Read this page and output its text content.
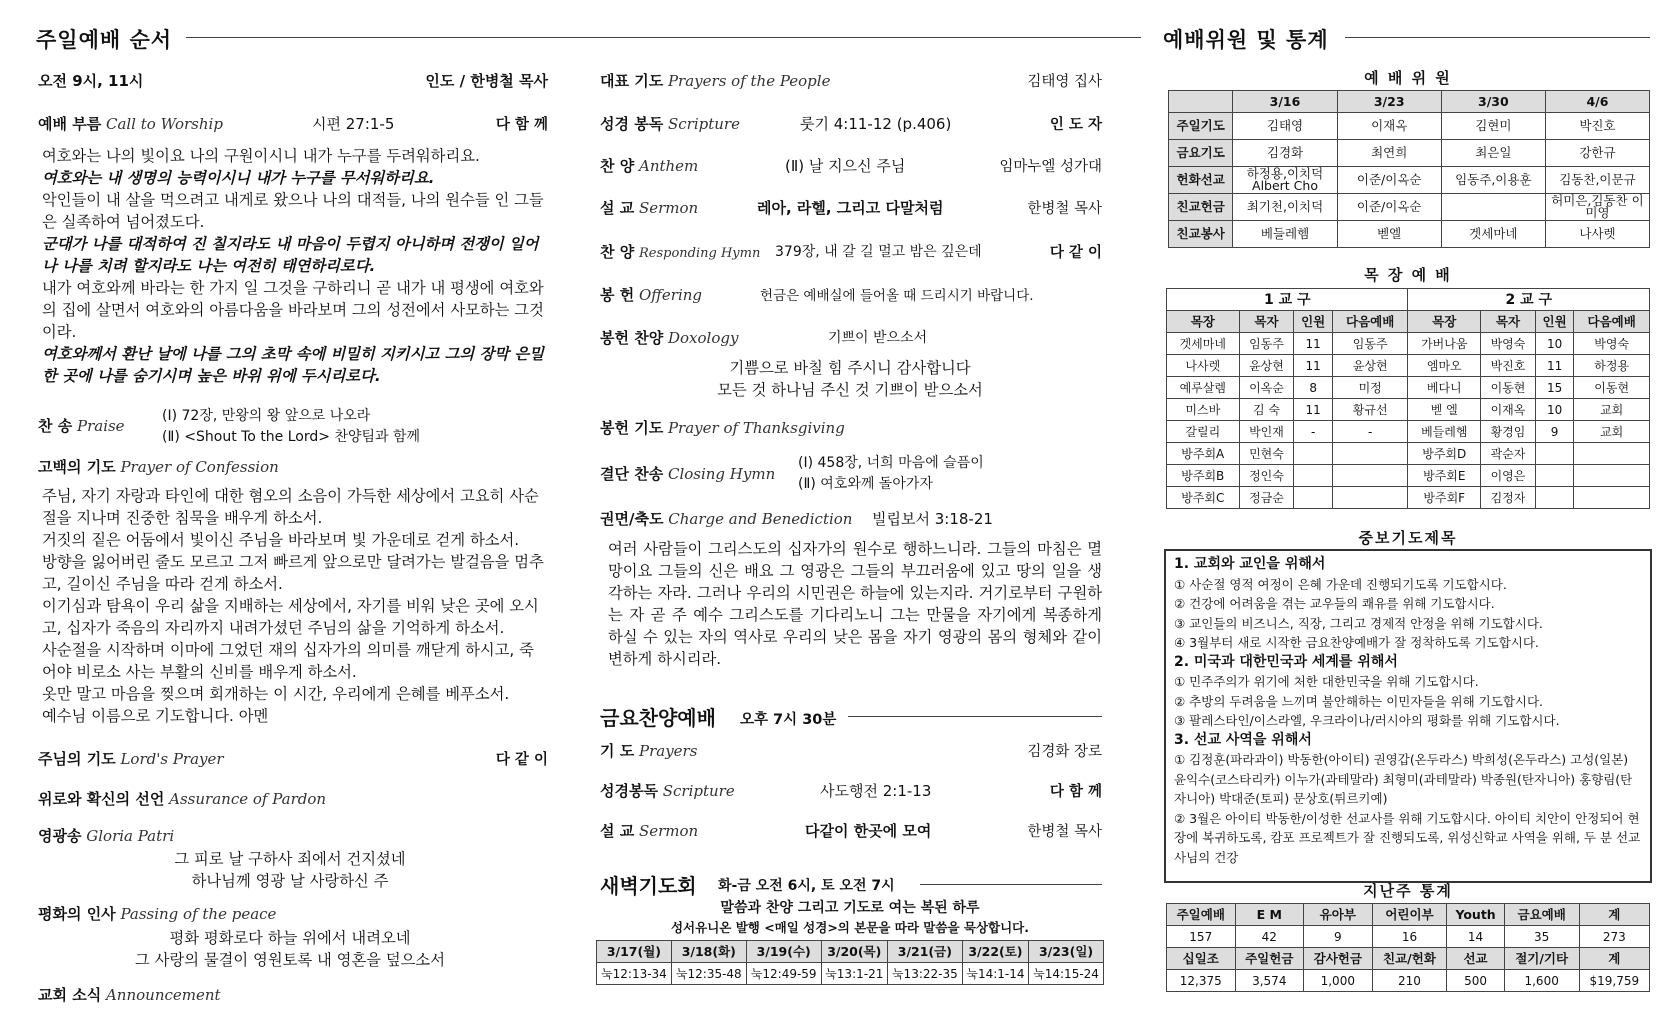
주일예배 순서
오전 9시, 11시	인도 / 한병철 목사
예배 부름 Call to Worship	시편 27:1-5	다 함 께

여호와는 나의 빛이요 나의 구원이시니 내가 누구를 두려워하리요.

여호와는 내 생명의 능력이시니 내가 누구를 무서워하리요.

악인들이 내 살을 먹으려고 내게로 왔으나 나의 대적들, 나의 원수들 인 그들은 실족하여 넘어졌도다.

군대가 나를 대적하여 진 칠지라도 내 마음이 두렵지 아니하며 전쟁이 일어나 나를 치려 할지라도 나는 여전히 태연하리로다.

내가 여호와께 바라는 한 가지 일 그것을 구하리니 곧 내가 내 평생에 여호와의 집에 살면서 여호와의 아름다움을 바라보며 그의 성전에서 사모하는 그것이라.

여호와께서 환난 날에 나를 그의 초막 속에 비밀히 지키시고 그의 장막 은밀한 곳에 나를 숨기시며 높은 바위 위에 두시리로다.

찬 송 Praise
(Ⅰ) 72장, 만왕의 왕 앞으로 나오라
(Ⅱ) <Shout To the Lord> 찬양팀과 함께
고백의 기도 Prayer of Confession

주님, 자기 자랑과 타인에 대한 혐오의 소음이 가득한 세상에서 고요히 사순절을 지나며 진중한 침묵을 배우게 하소서.

거짓의 짙은 어둠에서 빛이신 주님을 바라보며 빛 가운데로 걷게 하소서.

방향을 잃어버린 줄도 모르고 그저 빠르게 앞으로만 달려가는 발걸음을 멈추고, 길이신 주님을 따라 걷게 하소서.

이기심과 탐욕이 우리 삶을 지배하는 세상에서, 자기를 비워 낮은 곳에 오시고, 십자가 죽음의 자리까지 내려가셨던 주님의 삶을 기억하게 하소서.

사순절을 시작하며 이마에 그었던 재의 십자가의 의미를 깨닫게 하시고, 죽어야 비로소 사는 부활의 신비를 배우게 하소서.

옷만 말고 마음을 찢으며 회개하는 이 시간, 우리에게 은혜를 베푸소서.

예수님 이름으로 기도합니다. 아멘

주님의 기도 Lord's Prayer	다 같 이
위로와 확신의 선언 Assurance of Pardon
영광송 Gloria Patri
그 피로 날 구하사 죄에서 건지셨네
하나님께 영광 날 사랑하신 주
평화의 인사 Passing of the peace
평화 평화로다 하늘 위에서 내려오네
그 사랑의 물결이 영원토록 내 영혼을 덮으소서
교회 소식 Announcement
대표 기도 Prayers of the People	김태영 집사
성경 봉독 Scripture	룻기 4:11-12 (p.406)	인 도 자
찬 양 Anthem	(Ⅱ) 날 지으신 주님	임마누엘 성가대
설 교 Sermon	레아, 라헬, 그리고 다말처럼	한병철 목사
찬 양 Responding Hymn 379장, 내 갈 길 멀고 밤은 깊은데	다 같 이
봉 헌 Offering	헌금은 예배실에 들어올 때 드리시기 바랍니다.
봉헌 찬양 Doxology	기쁘이 받으소서
기쁨으로 바칠 힘 주시니 감사합니다
모든 것 하나님 주신 것 기쁘이 받으소서
봉헌 기도 Prayer of Thanksgiving
결단 찬송 Closing Hymn
(Ⅰ) 458장, 너희 마음에 슬픔이
(Ⅱ) 여호와께 돌아가자
권면/축도 Charge and Benediction 빌립보서 3:18-21
여러 사람들이 그리스도의 십자가의 원수로 행하느니라. 그들의 마침은 멸망이요 그들의 신은 배요 그 영광은 그들의 부끄러움에 있고 땅의 일을 생각하는 자라. 그러나 우리의 시민권은 하늘에 있는지라. 거기로부터 구원하는 자 곧 주 예수 그리스도를 기다리노니 그는 만물을 자기에게 복종하게 하실 수 있는 자의 역사로 우리의 낮은 몸을 자기 영광의 몸의 형체와 같이 변하게 하시리라.
금요찬양예배 오후 7시 30분
기 도 Prayers	김경화 장로
성경봉독 Scripture	사도행전 2:1-13	다 함 께
설 교 Sermon	다같이 한곳에 모여	한병철 목사
새벽기도회 화-금 오전 6시, 토 오전 7시
말씀과 찬양 그리고 기도로 여는 복된 하루
성서유니온 발행 <매일 성경>의 본문을 따라 말씀을 묵상합니다.
3/17(월)	3/18(화)	3/19(수)	3/20(목)	3/21(금)	3/22(토)	3/23(일)
눅12:13-34	눅12:35-48	눅12:49-59	눅13:1-21	눅13:22-35	눅14:1-14	눅14:15-24
예배위원 및 통계
예 배 위 원
	3/16	3/23	3/30	4/6
주일기도	김태영	이재옥	김현미	박진호
금요기도	김경화	최연희	최은일	강한규
헌화선교	하정용,이치덕 Albert Cho	이준/이옥순	임동주,이용훈	김동찬,이문규
친교헌금	최기천,이치덕	이준/이옥순		허미은,김동찬 이미영
친교봉사	베들레헴	벧엘	겟세마네	나사렛
목 장 예 배
1 교 구				2 교 구			
목장	목자	인원	다음예배	목장	목자	인원	다음예배
겟세마네	임동주	11	임동주	가버나움	박영숙	10	박영숙
나사렛	윤상현	11	윤상현	엠마오	박진호	11	하정용
예루살렘	이옥순	8	미정	베다니	이동현	15	이동현
미스바	김 숙	11	황규선	벧 엘	이재옥	10	교회
갈릴리	박인재	-	-	베들레헴	황경임	9	교회
방주회A	민현숙			방주회D	곽순자		
방주회B	정인숙			방주회E	이영은		
방주회C	정금순			방주회F	김정자		
중보기도제목

1. 교회와 교인을 위해서

① 사순절 영적 여정이 은혜 가운데 진행되기도록 기도합시다.

② 건강에 어려움을 겪는 교우들의 쾌유를 위해 기도합시다.

③ 교인들의 비즈니스, 직장, 그리고 경제적 안정을 위해 기도합시다.

④ 3월부터 새로 시작한 금요찬양예배가 잘 정착하도록 기도합시다.

2. 미국과 대한민국과 세계를 위해서

① 민주주의가 위기에 처한 대한민국을 위해 기도합시다.

② 추방의 두려움을 느끼며 불안해하는 이민자들을 위해 기도합시다.

③ 팔레스타인/이스라엘, 우크라이나/러시아의 평화를 위해 기도합시다.

3. 선교 사역을 위해서

① 김정훈(파라과이) 박동한(아이티) 권영갑(온두라스) 박희성(온두라스) 고성(일본) 윤익수(코스타리카) 이누가(과테말라) 최형미(과테말라) 박종원(탄자니아) 홍향림(탄자니아) 박대준(토피) 문상호(튀르키예)

② 3월은 아이티 박동한/이성한 선교사를 위해 기도합시다. 아이티 치안이 안정되어 현장에 복귀하도록, 캄포 프로젝트가 잘 진행되도록, 위성신학교 사역을 위해, 두 분 선교사님의 건강

지난주 통계
주일예배	E M	유아부	어린이부	Youth	금요예배	계
157	42	9	16	14	35	273
십일조	주일헌금	감사헌금	친교/헌화	선교	절기/기타	계
12,375	3,574	1,000	210	500	1,600	$19,759
